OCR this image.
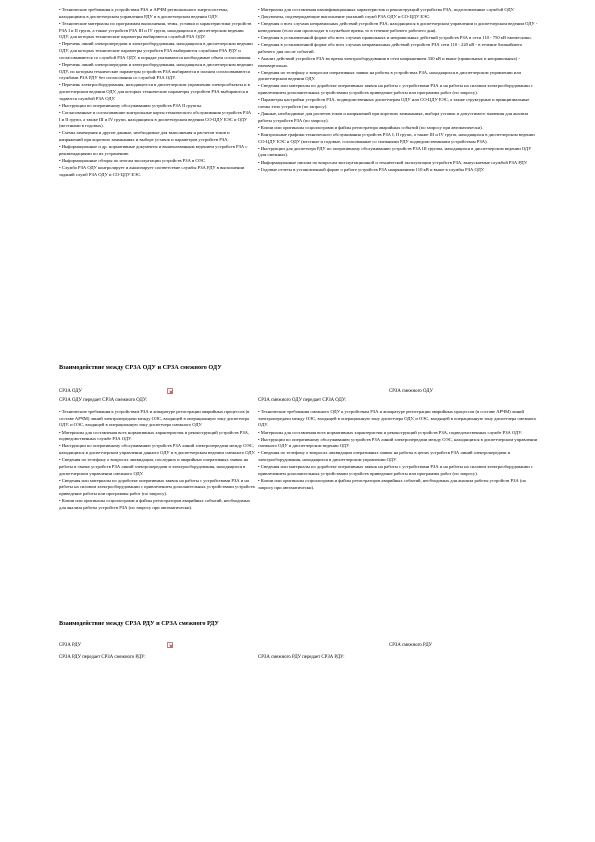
• Технические требования к устройствам РЗА и АРЧМ регионального энергосистемы, находящимся в диспетчерском управлении РДУ и в диспетчерском ведении ОДУ.

• Технические материалы по программам выполнения, темы, уставки и характеристики устройств РЗА I и II групп, а также устройств РЗА III и IV групп, находящихся в диспетчерском ведении ОДУ, для которых технические параметры выбираются службой РЗА ОДУ.

• Перечень линий электропередачи и электрооборудования, находящихся в диспетчерском ведении ОДУ, для которых технические параметры устройств РЗА выбираются службами РЗА РДУ и согласовываются со службой РЗА ОДУ, в порядке указываются необходимые объем согласования.

• Перечень линий электропередачи и электрооборудования, находящихся в диспетчерском ведении ОДУ, по которым технические параметры устройств РЗА выбираются в полном согласовываются службами РЗА РДУ без согласования со службой РЗА ОДУ.

• Перечень электрооборудования, находящегося в диспетчерском управлении электрообъекты и в диспетчерском ведении ОДУ, для которых технические параметры устройств РЗА выбираются и задаются службой РЗА ОДУ.

• Инструкции по оперативному обслуживанию устройств РЗА II группы.

• Согласованные и согласовавшие контрольные карты технического обслуживания устройств РЗА I и II групп, а также III и IV групп, находящихся в диспетчерском ведении СО-ЦДУ ЕЭС и ОДУ (местными в годовых).

• Схемы замещения и другие данные, необходимые для выполнения и расчетов токов и напряжений при коротких замыканиях и выборе уставок и параметров устройств РЗА.

• Информационные и др. нормативные документы и вышеназванным ведением устройств РЗА с рекомендациями по их устранению.

• Информационные обзоры по итогам эксплуатации устройств РЗА в ОЭС.

• Служба РЗА ОДУ контролирует и анализирует соответствие службы РЗА РДУ в выполнении заданий служб РЗА ОДУ и СО-ЦДУ ЕЭС.

• Материалы для составления квалификационных характеристик и реконструкций устройства РЗА, подготовленные службой ОДУ.

• Документы, подтверждающие выполнение указаний служб РЗА ОДУ и СО-ЦДУ ЕЭС.

• Сведения о всех случаях неправильных действий устройств РЗА, находящихся в диспетчерском управлении и диспетчерском ведении ОДУ - немедленно (если они происходят в служебное время, то в течение рабочего рабочего дня).

• Сведения в установленной форме обо всех случаях правильных и неправильных действий устройств РЗА в сети 110 - 750 кВ ежемесячно.

• Сведения в установленной форме обо всех случаях неправильных действий устройств РЗА сети 110 - 220 кВ - в течение ближайшего рабочего дня после событий.

• Анализ действий устройств РЗА во время электрооборудования в сети напряжением 330 кВ и выше (правильных и неправильных) - ежеквартально.

• Сведения по телефону о вопросам оперативных заявок на работы в устройствах РЗА, находящихся в диспетчерском управлении или диспетчерском ведении ОДУ.

• Сведения или материалы по доработке оперативных заявок на работы с устройствами РЗА и на работы на силовом электрооборудовании с привлечением дополнительных устройствами устройств приведение работы или программы работ (по запросу).

• Параметры настройки устройств РЗА, подведомственных диспетчерам ОДУ или СО-ЦДУ ЕЭС, а также структурные и принципиальные схемы этих устройств (по запросу).

• Данные, необходимые для расчетов токов и напряжений при коротких замыканиях, выбора уставок и допустимого значения для анализа работы устройств РЗА (по запросу).

• Копии или оригиналы осциллограмм и файлы регистратора аварийных событий (по запросу при автоматически).

• Контрольные графики технического обслуживания устройств РЗА I, II групп, а также III и IV групп, находящихся в диспетчерском ведении СО-ЦДУ ЕЭС и ОДУ (местные и годовые, согласованные со смежными РДУ подведомственными устройствам РЗА).

• Инструкции для диспетчера РДУ по оперативному обслуживанию устройств РЗА III группы, находящихся в диспетчерском ведении ОДУ (для смежных).

• Информационные письма по вопросам эксплуатационной и технической эксплуатации устройств РЗА, выпускаемые службой РЗА РДУ.

• Годовые отчеты в установленной форме о работе устройств РЗА напряжением 110 кВ и выше в службы РЗА ОДУ.

Взаимодействие между СРЗА ОДУ и СРЗА смежного ОДУ
СРЗА ОДУ	СРЗА смежного ОДУ
СРЗА ОДУ передает СРЗА смежного ОДУ:	СРЗА смежного ОДУ передает СРЗА ОДУ:

• Технические требования к устройствам РЗА и аппаратуре регистрации аварийных процессов (в составе АРЧМ) линий электропередачи между ОЭС, входящей в операционную зону диспетчера ОДУ, и ОЭС, входящей в операционную зону диспетчера смежного ОДУ.

• Материалы для составления всех нормативных характеристик и реконструкций устройств РЗА, подведомственных службе РЗА ОДУ.

• Инструкции по оперативному обслуживанию устройств РЗА линий электропередачи между ОЭС, находящихся в диспетчерском управлении данного ОДУ и в диспетчерском ведении смежного ОДУ.

• Сведения по телефону о вопросах ликвидации, последних и аварийных оперативных заявок на работы в связях устройств РЗА линий электропередачи и электрооборудования, находящихся в диспетчерском управлении смежного ОДУ.

• Сведения или материалы по доработке оперативных заявок на работы с устройствами РЗА и на работы на силовом электрооборудовании с привлечением дополнительных устройствами устройств приведение работы или программы работ (по запросу).

• Копии или оригиналы осциллограмм и файлы регистраторов аварийных событий, необходимых для анализа работы устройств РЗА (по запросу при автоматически).

• Технические требования смежного ОДУ к устройствам РЗА и аппаратуре регистрации аварийных процессов (в составе АРЧМ) линий электропередачи между ОЭС, входящей в операционную зону диспетчера ОДУ, и ОЭС, входящей в операционную зону диспетчера смежного ОДУ.

• Материалы для составления всех нормативных характеристик и реконструкций устройств РЗА, подведомственных службе РЗА ОДУ.

• Инструкции по оперативному обслуживанию устройств РЗА линий электропередачи между ОЭС, находящихся в диспетчерском управлении смежного ОДУ и диспетчерском ведении ОДУ.

• Сведения по телефону о вопросах ликвидации оперативных заявок на работы в цепях устройств РЗА линий электропередачи и электрооборудования, находящихся в диспетчерском управлении ОДУ.

• Сведения или материалы по доработке оперативных заявок на работы с устройствами РЗА и на работы на силовом электрооборудовании с привлечением дополнительных устройствами устройств приведение работы или программы работ (по запросу).

• Копии или оригиналы осциллограмм и файлы регистраторов аварийных событий, необходимых для анализа работы устройств РЗА (по запросу при автоматически).

Взаимодействие между СРЗА РДУ и СРЗА смежного РДУ
СРЗА РДУ	СРЗА смежного РДУ
СРЗА РДУ передает СРЗА смежного РДУ:	СРЗА смежного РДУ передает СРЗА РДУ:
